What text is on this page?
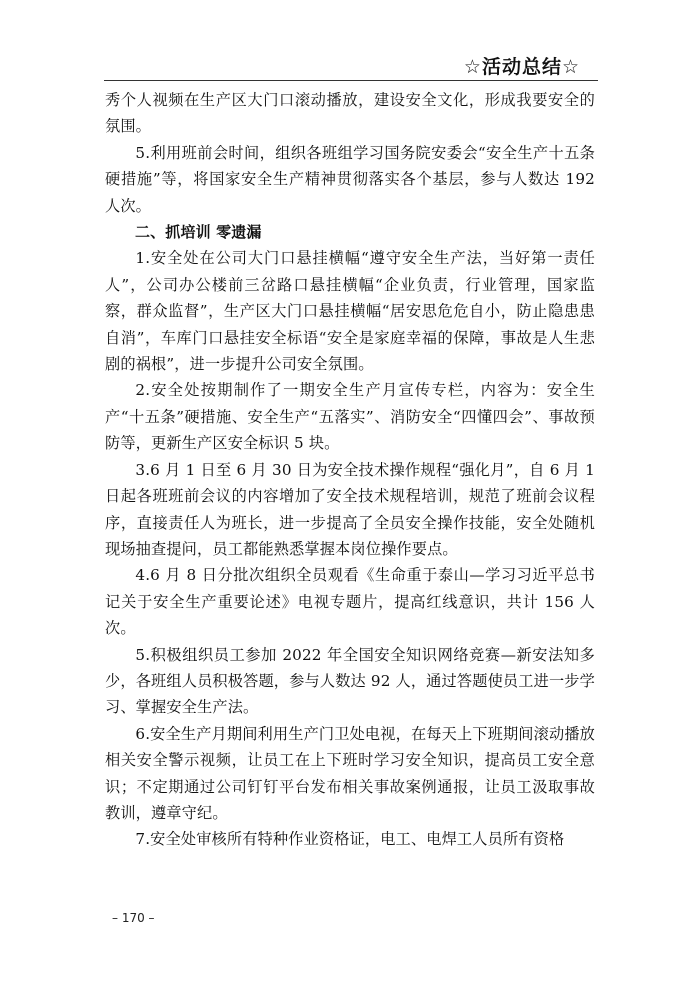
☆活动总结☆

秀个人视频在生产区大门口滚动播放，建设安全文化，形成我要安全的氛围。

5.利用班前会时间，组织各班组学习国务院安委会“安全生产十五条硬措施”等，将国家安全生产精神贯彻落实各个基层，参与人数达 192 人次。

二、抓培训 零遗漏

1.安全处在公司大门口悬挂横幅“遵守安全生产法，当好第一责任人”，公司办公楼前三岔路口悬挂横幅“企业负责，行业管理，国家监察，群众监督”，生产区大门口悬挂横幅“居安思危危自小，防止隐患患自消”，车库门口悬挂安全标语“安全是家庭幸福的保障，事故是人生悲剧的祸根”，进一步提升公司安全氛围。

2.安全处按期制作了一期安全生产月宣传专栏，内容为：安全生产“十五条”硬措施、安全生产“五落实”、消防安全“四懂四会”、事故预防等，更新生产区安全标识 5 块。

3.6 月 1 日至 6 月 30 日为安全技术操作规程“强化月”，自 6 月 1 日起各班班前会议的内容增加了安全技术规程培训，规范了班前会议程序，直接责任人为班长，进一步提高了全员安全操作技能，安全处随机现场抽查提问，员工都能熟悉掌握本岗位操作要点。

4.6 月 8 日分批次组织全员观看《生命重于泰山—学习习近平总书记关于安全生产重要论述》电视专题片，提高红线意识，共计 156 人次。

5.积极组织员工参加 2022 年全国安全知识网络竞赛—新安法知多少，各班组人员积极答题，参与人数达 92 人，通过答题使员工进一步学习、掌握安全生产法。

6.安全生产月期间利用生产门卫处电视，在每天上下班期间滚动播放相关安全警示视频，让员工在上下班时学习安全知识，提高员工安全意识；不定期通过公司钉钉平台发布相关事故案例通报，让员工汲取事故教训，遵章守纪。

7.安全处审核所有特种作业资格证，电工、电焊工人员所有资格

– 170 –
